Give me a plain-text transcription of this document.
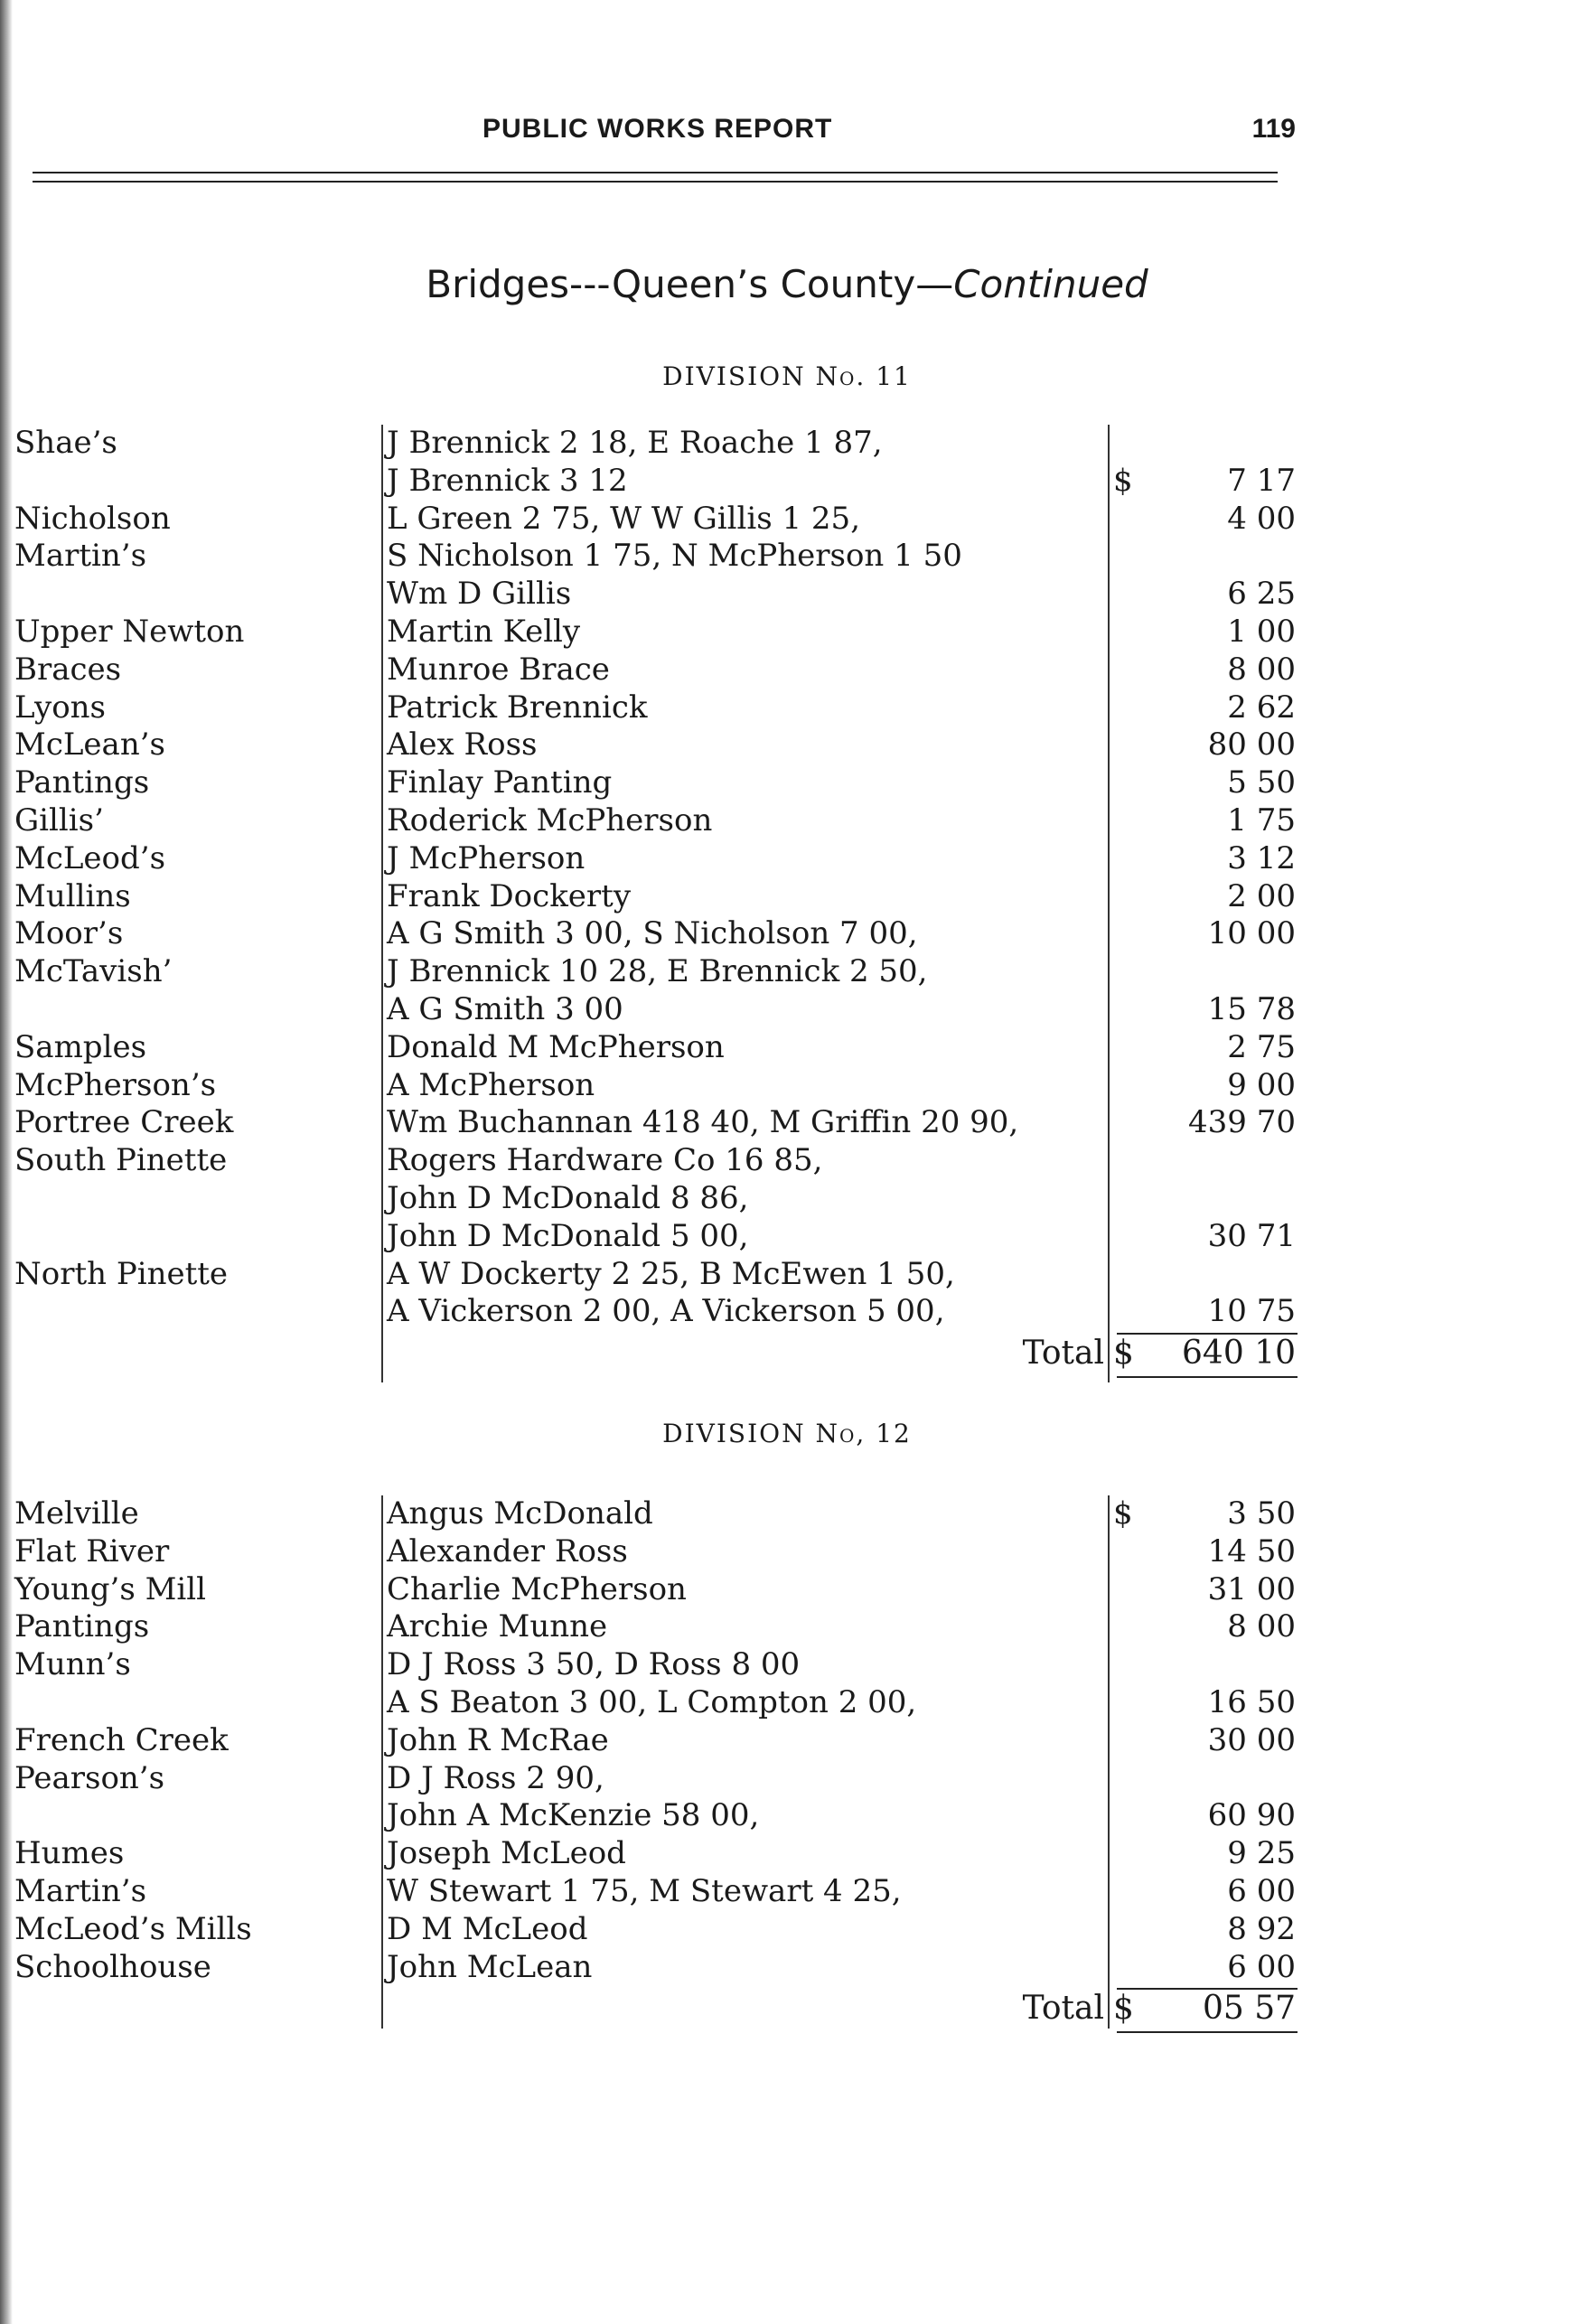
PUBLIC WORKS REPORT	119
Bridges---Queen’s County—Continued
DIVISION No. 11
Shae’s	J Brennick 2 18, E Roache 1 87,
J Brennick 3 12	$	7 17
Nicholson	L Green 2 75, W W Gillis 1 25,	4 00
Martin’s	S Nicholson 1 75, N McPherson 1 50
Wm D Gillis	6 25
Upper Newton	Martin Kelly	1 00
Braces	Munroe Brace	8 00
Lyons	Patrick Brennick	2 62
McLean’s	Alex Ross	80 00
Pantings	Finlay Panting	5 50
Gillis’	Roderick McPherson	1 75
McLeod’s	J McPherson	3 12
Mullins	Frank Dockerty	2 00
Moor’s	A G Smith 3 00, S Nicholson 7 00,	10 00
McTavish’	J Brennick 10 28, E Brennick 2 50,
A G Smith 3 00	15 78
Samples	Donald M McPherson	2 75
McPherson’s	A McPherson	9 00
Portree Creek	Wm Buchannan 418 40, M Griffin 20 90,	439 70
South Pinette	Rogers Hardware Co 16 85,
John D McDonald 8 86,
John D McDonald 5 00,	30 71
North Pinette	A W Dockerty 2 25, B McEwen 1 50,
A Vickerson 2 00, A Vickerson 5 00,	10 75
Total $ 640 10
DIVISION No, 12
Melville	Angus McDonald	$	3 50
Flat River	Alexander Ross	14 50
Young’s Mill	Charlie McPherson	31 00
Pantings	Archie Munne	8 00
Munn’s	D J Ross 3 50, D Ross 8 00
A S Beaton 3 00, L Compton 2 00,	16 50
French Creek	John R McRae	30 00
Pearson’s	D J Ross 2 90,
John A McKenzie 58 00,	60 90
Humes	Joseph McLeod	9 25
Martin’s	W Stewart 1 75, M Stewart 4 25,	6 00
McLeod’s Mills	D M McLeod	8 92
Schoolhouse	John McLean	6 00
Total $ 05 57
